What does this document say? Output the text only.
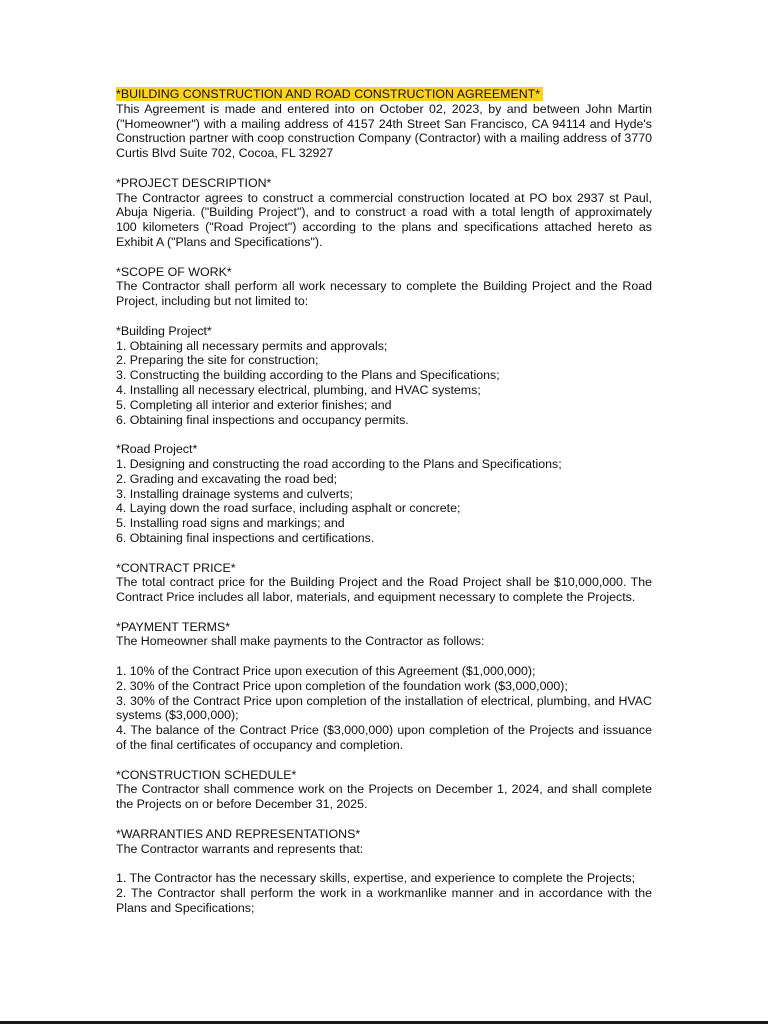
*BUILDING CONSTRUCTION AND ROAD CONSTRUCTION AGREEMENT*

This Agreement is made and entered into on October 02, 2023, by and between John Martin ("Homeowner") with a mailing address of 4157 24th Street San Francisco, CA 94114 and Hyde's Construction partner with coop construction Company (Contractor) with a mailing address of 3770 Curtis Blvd Suite 702, Cocoa, FL 32927

*PROJECT DESCRIPTION*

The Contractor agrees to construct a commercial construction located at PO box 2937 st Paul, Abuja Nigeria. ("Building Project"), and to construct a road with a total length of approximately 100 kilometers ("Road Project") according to the plans and specifications attached hereto as Exhibit A ("Plans and Specifications").

*SCOPE OF WORK*

The Contractor shall perform all work necessary to complete the Building Project and the Road Project, including but not limited to:

*Building Project*

1. Obtaining all necessary permits and approvals;

2. Preparing the site for construction;

3. Constructing the building according to the Plans and Specifications;

4. Installing all necessary electrical, plumbing, and HVAC systems;

5. Completing all interior and exterior finishes; and

6. Obtaining final inspections and occupancy permits.

*Road Project*

1. Designing and constructing the road according to the Plans and Specifications;

2. Grading and excavating the road bed;

3. Installing drainage systems and culverts;

4. Laying down the road surface, including asphalt or concrete;

5. Installing road signs and markings; and

6. Obtaining final inspections and certifications.

*CONTRACT PRICE*

The total contract price for the Building Project and the Road Project shall be $10,000,000. The Contract Price includes all labor, materials, and equipment necessary to complete the Projects.

*PAYMENT TERMS*

The Homeowner shall make payments to the Contractor as follows:

1. 10% of the Contract Price upon execution of this Agreement ($1,000,000);

2. 30% of the Contract Price upon completion of the foundation work ($3,000,000);

3. 30% of the Contract Price upon completion of the installation of electrical, plumbing, and HVAC systems ($3,000,000);

4. The balance of the Contract Price ($3,000,000) upon completion of the Projects and issuance of the final certificates of occupancy and completion.

*CONSTRUCTION SCHEDULE*

The Contractor shall commence work on the Projects on December 1, 2024, and shall complete the Projects on or before December 31, 2025.

*WARRANTIES AND REPRESENTATIONS*

The Contractor warrants and represents that:

1. The Contractor has the necessary skills, expertise, and experience to complete the Projects;

2. The Contractor shall perform the work in a workmanlike manner and in accordance with the Plans and Specifications;
